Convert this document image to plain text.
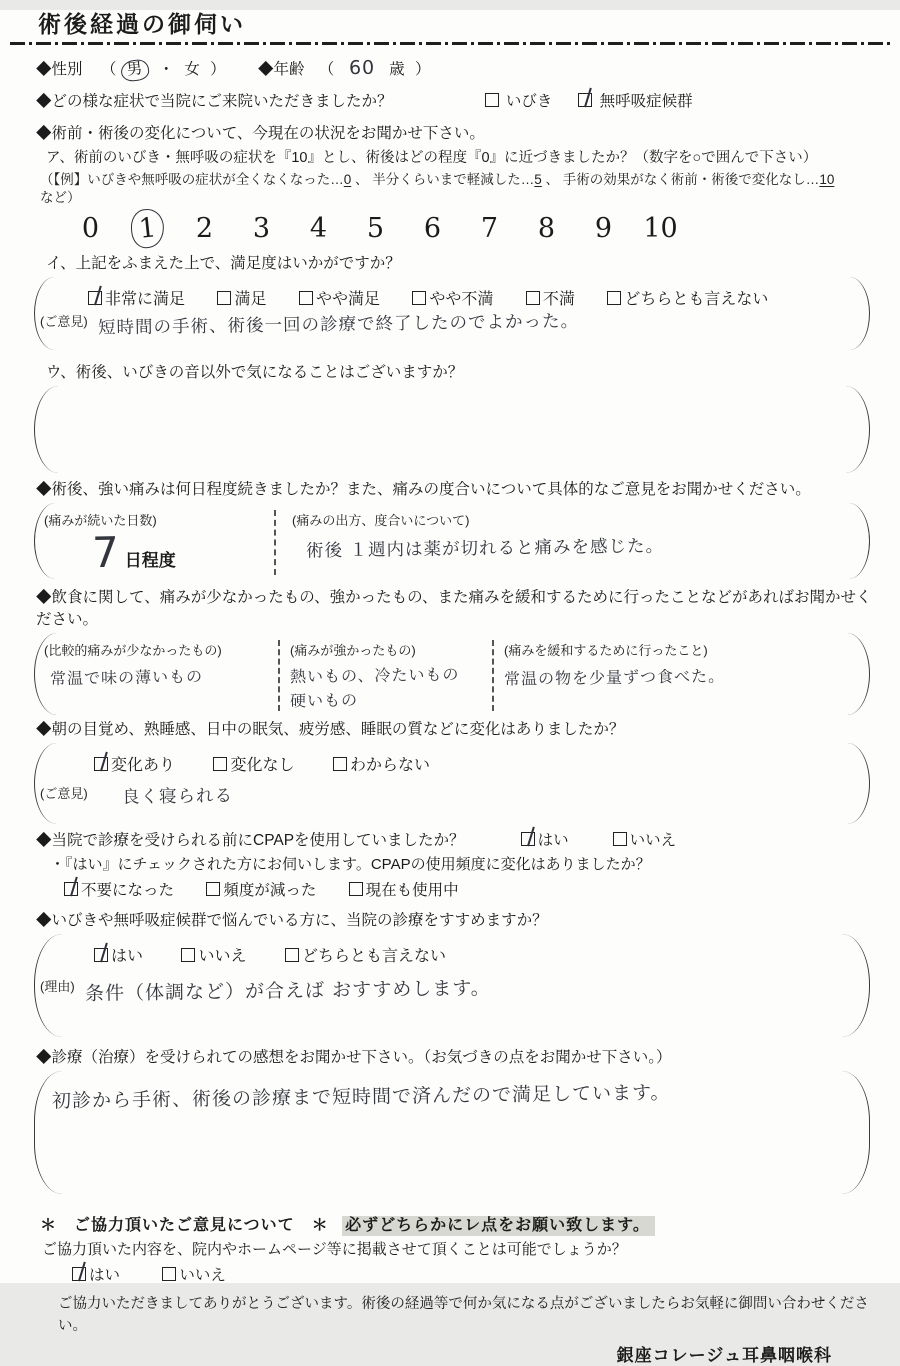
術後経過の御伺い
◆性別 （ 男 ・ 女 ） ◆年齢 （ 60 歳 ）
◆どの様な症状で当院にご来院いただきましたか？	いびき	無呼吸症候群
◆術前・術後の変化について、今現在の状況をお聞かせ下さい。
ア、術前のいびき・無呼吸の症状を『10』とし、術後はどの程度『0』に近づきましたか？（数字を○で囲んで下さい）
（【例】いびきや無呼吸の症状が全くなくなった…0 、 半分くらいまで軽減した…5 、 手術の効果がなく術前・術後で変化なし…10 など）
0	1	2	3	4	5	6	7	8	9	10
イ、上記をふまえた上で、満足度はいかがですか？
非常に満足	満足	やや満足	やや不満	不満	どちらとも言えない
(ご意見) 短時間の手術、術後一回の診療で終了したのでよかった。
ウ、術後、いびきの音以外で気になることはございますか？
◆術後、強い痛みは何日程度続きましたか？また、痛みの度合いについて具体的なご意見をお聞かせください。
(痛みが続いた日数)
7 日程度
(痛みの出方、度合いについて)
術後 １週内は薬が切れると痛みを感じた。
◆飲食に関して、痛みが少なかったもの、強かったもの、また痛みを緩和するために行ったことなどがあればお聞かせください。
(比較的痛みが少なかったもの)
常温で味の薄いもの
(痛みが強かったもの)
熱いもの、冷たいもの 硬いもの
(痛みを緩和するために行ったこと)
常温の物を少量ずつ食べた。
◆朝の目覚め、熟睡感、日中の眠気、疲労感、睡眠の質などに変化はありましたか？
変化あり	変化なし	わからない
(ご意見) 良く寝られる
◆当院で診療を受けられる前にCPAPを使用していましたか？	はい	いいえ
・『はい』にチェックされた方にお伺いします。CPAPの使用頻度に変化はありましたか？
不要になった	頻度が減った	現在も使用中
◆いびきや無呼吸症候群で悩んでいる方に、当院の診療をすすめますか？
はい	いいえ	どちらとも言えない
(理由) 条件（体調など）が合えば おすすめします。
◆診療（治療）を受けられての感想をお聞かせ下さい。（お気づきの点をお聞かせ下さい。）
初診から手術、術後の診療まで短時間で済んだので満足しています。
＊　ご協力頂いたご意見について　＊ 必ずどちらかにレ点をお願い致します。
ご協力頂いた内容を、院内やホームページ等に掲載させて頂くことは可能でしょうか？
はい	いいえ
ご協力いただきましてありがとうございます。術後の経過等で何か気になる点がございましたらお気軽に御問い合わせください。
銀座コレージュ耳鼻咽喉科
